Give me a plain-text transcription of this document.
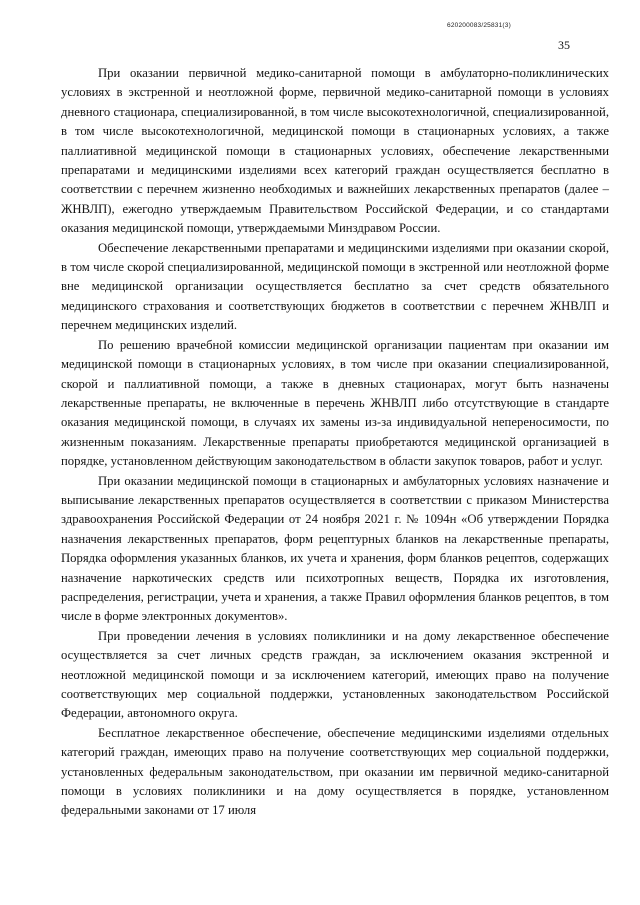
620200083/25831(3)
35

При оказании первичной медико-санитарной помощи в амбулаторно-поликлинических условиях в экстренной и неотложной форме, первичной медико-санитарной помощи в условиях дневного стационара, специализированной, в том числе высокотехнологичной, специализированной, в том числе высокотехнологичной, медицинской помощи в стационарных условиях, а также паллиативной медицинской помощи в стационарных условиях, обеспечение лекарственными препаратами и медицинскими изделиями всех категорий граждан осуществляется бесплатно в соответствии с перечнем жизненно необходимых и важнейших лекарственных препаратов (далее – ЖНВЛП), ежегодно утверждаемым Правительством Российской Федерации, и со стандартами оказания медицинской помощи, утверждаемыми Минздравом России.

Обеспечение лекарственными препаратами и медицинскими изделиями при оказании скорой, в том числе скорой специализированной, медицинской помощи в экстренной или неотложной форме вне медицинской организации осуществляется бесплатно за счет средств обязательного медицинского страхования и соответствующих бюджетов в соответствии с перечнем ЖНВЛП и перечнем медицинских изделий.

По решению врачебной комиссии медицинской организации пациентам при оказании им медицинской помощи в стационарных условиях, в том числе при оказании специализированной, скорой и паллиативной помощи, а также в дневных стационарах, могут быть назначены лекарственные препараты, не включенные в перечень ЖНВЛП либо отсутствующие в стандарте оказания медицинской помощи, в случаях их замены из-за индивидуальной непереносимости, по жизненным показаниям. Лекарственные препараты приобретаются медицинской организацией в порядке, установленном действующим законодательством в области закупок товаров, работ и услуг.

При оказании медицинской помощи в стационарных и амбулаторных условиях назначение и выписывание лекарственных препаратов осуществляется в соответствии с приказом Министерства здравоохранения Российской Федерации от 24 ноября 2021 г. № 1094н «Об утверждении Порядка назначения лекарственных препаратов, форм рецептурных бланков на лекарственные препараты, Порядка оформления указанных бланков, их учета и хранения, форм бланков рецептов, содержащих назначение наркотических средств или психотропных веществ, Порядка их изготовления, распределения, регистрации, учета и хранения, а также Правил оформления бланков рецептов, в том числе в форме электронных документов».

При проведении лечения в условиях поликлиники и на дому лекарственное обеспечение осуществляется за счет личных средств граждан, за исключением оказания экстренной и неотложной медицинской помощи и за исключением категорий, имеющих право на получение соответствующих мер социальной поддержки, установленных законодательством Российской Федерации, автономного округа.

Бесплатное лекарственное обеспечение, обеспечение медицинскими изделиями отдельных категорий граждан, имеющих право на получение соответствующих мер социальной поддержки, установленных федеральным законодательством, при оказании им первичной медико-санитарной помощи в условиях поликлиники и на дому осуществляется в порядке, установленном федеральными законами от 17 июля
